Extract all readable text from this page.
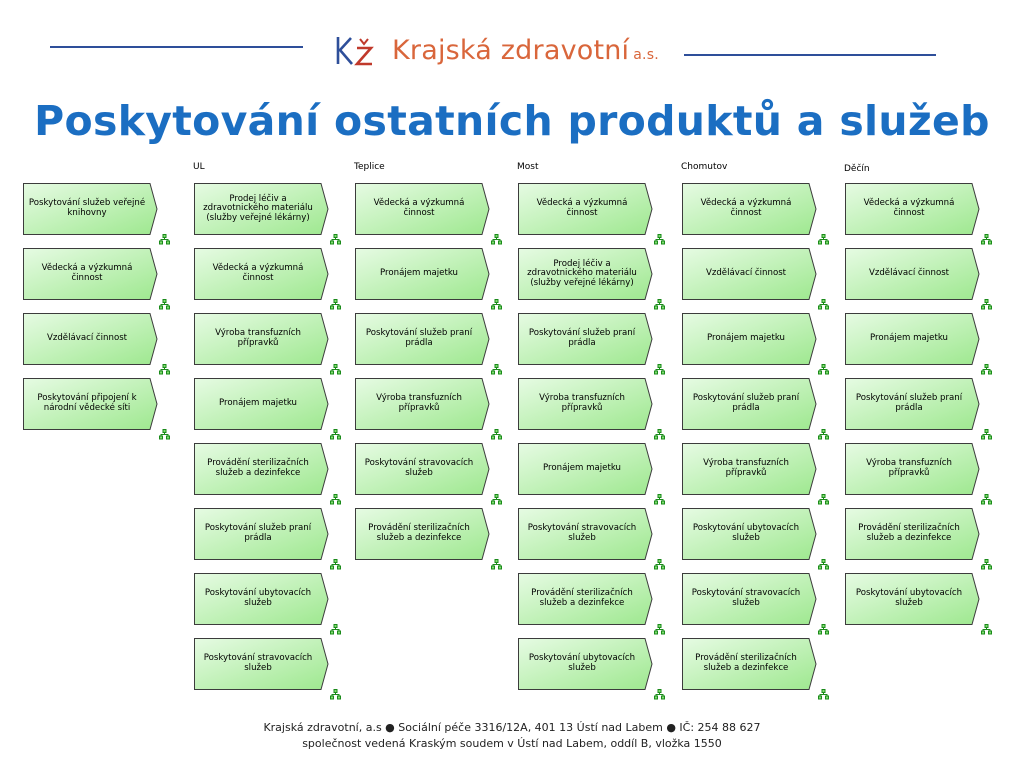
Krajská zdravotní a.s.
Poskytování ostatních produktů a služeb
Poskytování služeb veřejné knihovny
Vědecká a výzkumná činnost
Vzdělávací činnost
Poskytování připojení k národní vědecké síti
UL
Prodej léčiv a zdravotnického materiálu (služby veřejné lékárny)
Vědecká a výzkumná činnost
Výroba transfuzních přípravků
Pronájem majetku
Provádění sterilizačních služeb a dezinfekce
Poskytování služeb praní prádla
Poskytování ubytovacích služeb
Poskytování stravovacích služeb
Teplice
Vědecká a výzkumná činnost
Pronájem majetku
Poskytování služeb praní prádla
Výroba transfuzních přípravků
Poskytování stravovacích služeb
Provádění sterilizačních služeb a dezinfekce
Most
Vědecká a výzkumná činnost
Prodej léčiv a zdravotnického materiálu (služby veřejné lékárny)
Poskytování služeb praní prádla
Výroba transfuzních přípravků
Pronájem majetku
Poskytování stravovacích služeb
Provádění sterilizačních služeb a dezinfekce
Poskytování ubytovacích služeb
Chomutov
Vědecká a výzkumná činnost
Vzdělávací činnost
Pronájem majetku
Poskytování služeb praní prádla
Výroba transfuzních přípravků
Poskytování ubytovacích služeb
Poskytování stravovacích služeb
Provádění sterilizačních služeb a dezinfekce
Děčín
Vědecká a výzkumná činnost
Vzdělávací činnost
Pronájem majetku
Poskytování služeb praní prádla
Výroba transfuzních přípravků
Provádění sterilizačních služeb a dezinfekce
Poskytování ubytovacích služeb
Krajská zdravotní, a.s ● Sociální péče 3316/12A, 401 13 Ústí nad Labem ● IČ: 254 88 627
společnost vedená Kraským soudem v Ústí nad Labem, oddíl B, vložka 1550
